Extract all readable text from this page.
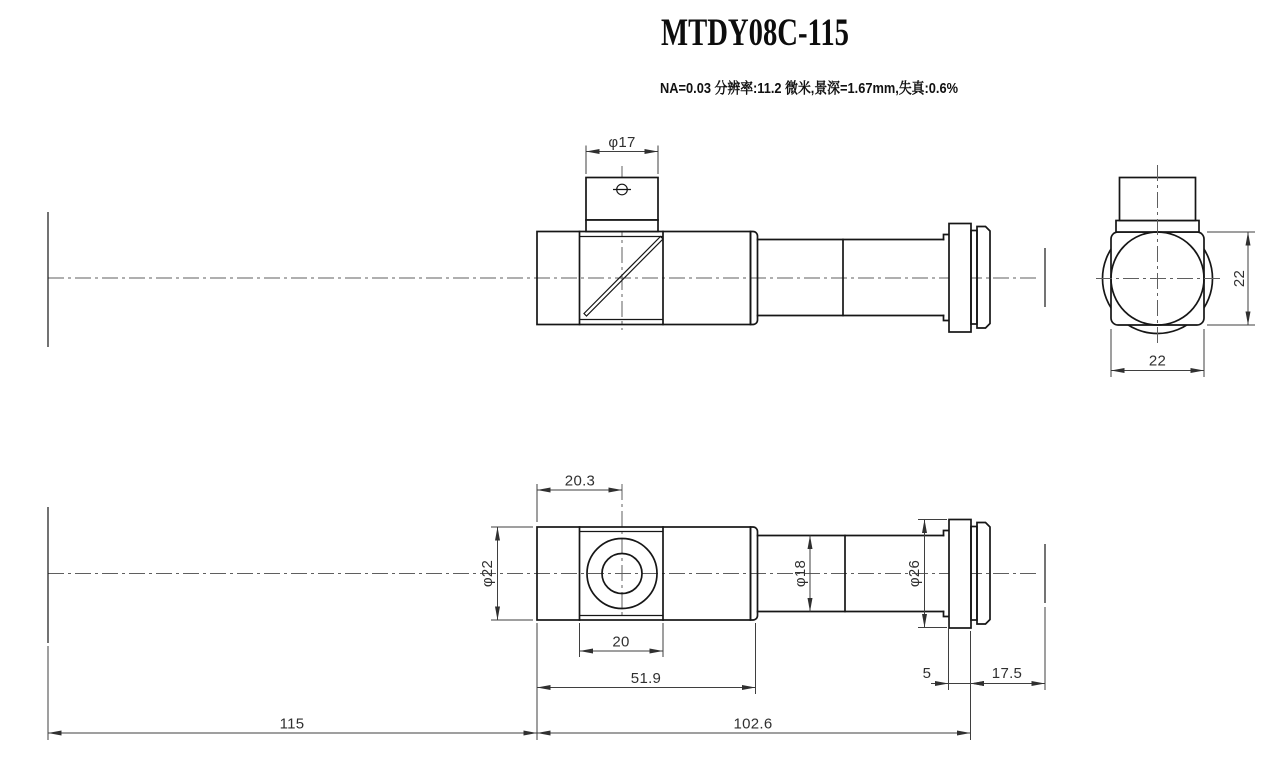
MTDY08C-115
NA=0.03 分辨率:11.2 微米,景深=1.67mm,失真:0.6%
φ17
22
22
20.3
φ22
20
51.9
φ18	φ26
5	17.5
115	102.6
